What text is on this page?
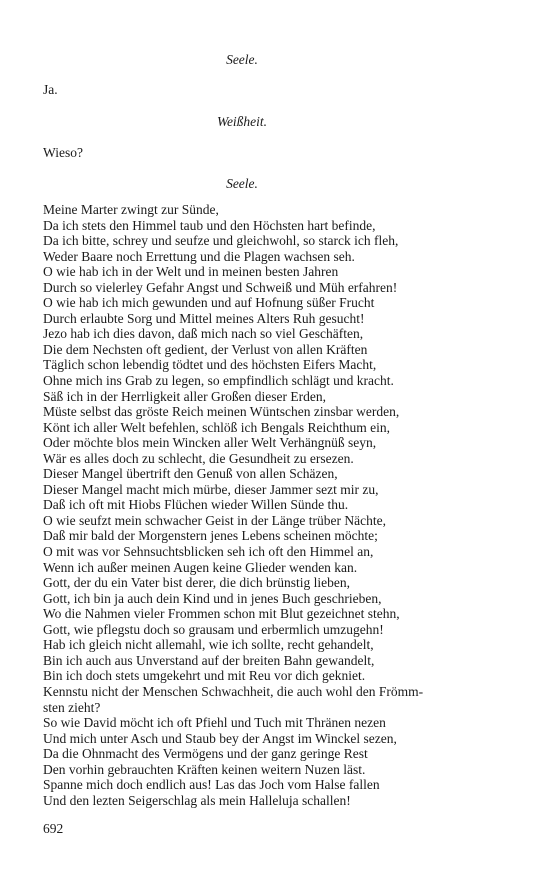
Seele.
Ja.
Weißheit.
Wieso?
Seele.
Meine Marter zwingt zur Sünde,
Da ich stets den Himmel taub und den Höchsten hart befinde,
Da ich bitte, schrey und seufze und gleichwohl, so starck ich fleh,
Weder Baare noch Errettung und die Plagen wachsen seh.
O wie hab ich in der Welt und in meinen besten Jahren
Durch so vielerley Gefahr Angst und Schweiß und Müh erfahren!
O wie hab ich mich gewunden und auf Hofnung süßer Frucht
Durch erlaubte Sorg und Mittel meines Alters Ruh gesucht!
Jezo hab ich dies davon, daß mich nach so viel Geschäften,
Die dem Nechsten oft gedient, der Verlust von allen Kräften
Täglich schon lebendig tödtet und des höchsten Eifers Macht,
Ohne mich ins Grab zu legen, so empfindlich schlägt und kracht.
Säß ich in der Herrligkeit aller Großen dieser Erden,
Müste selbst das gröste Reich meinen Wüntschen zinsbar werden,
Könt ich aller Welt befehlen, schlöß ich Bengals Reichthum ein,
Oder möchte blos mein Wincken aller Welt Verhängnüß seyn,
Wär es alles doch zu schlecht, die Gesundheit zu ersezen.
Dieser Mangel übertrift den Genuß von allen Schäzen,
Dieser Mangel macht mich mürbe, dieser Jammer sezt mir zu,
Daß ich oft mit Hiobs Flüchen wieder Willen Sünde thu.
O wie seufzt mein schwacher Geist in der Länge trüber Nächte,
Daß mir bald der Morgenstern jenes Lebens scheinen möchte;
O mit was vor Sehnsuchtsblicken seh ich oft den Himmel an,
Wenn ich außer meinen Augen keine Glieder wenden kan.
Gott, der du ein Vater bist derer, die dich brünstig lieben,
Gott, ich bin ja auch dein Kind und in jenes Buch geschrieben,
Wo die Nahmen vieler Frommen schon mit Blut gezeichnet stehn,
Gott, wie pflegstu doch so grausam und erbermlich umzugehn!
Hab ich gleich nicht allemahl, wie ich sollte, recht gehandelt,
Bin ich auch aus Unverstand auf der breiten Bahn gewandelt,
Bin ich doch stets umgekehrt und mit Reu vor dich gekniet.
Kennstu nicht der Menschen Schwachheit, die auch wohl den Frömm-
sten zieht?
So wie David möcht ich oft Pfiehl und Tuch mit Thränen nezen
Und mich unter Asch und Staub bey der Angst im Winckel sezen,
Da die Ohnmacht des Vermögens und der ganz geringe Rest
Den vorhin gebrauchten Kräften keinen weitern Nuzen läst.
Spanne mich doch endlich aus! Las das Joch vom Halse fallen
Und den lezten Seigerschlag als mein Halleluja schallen!
692
